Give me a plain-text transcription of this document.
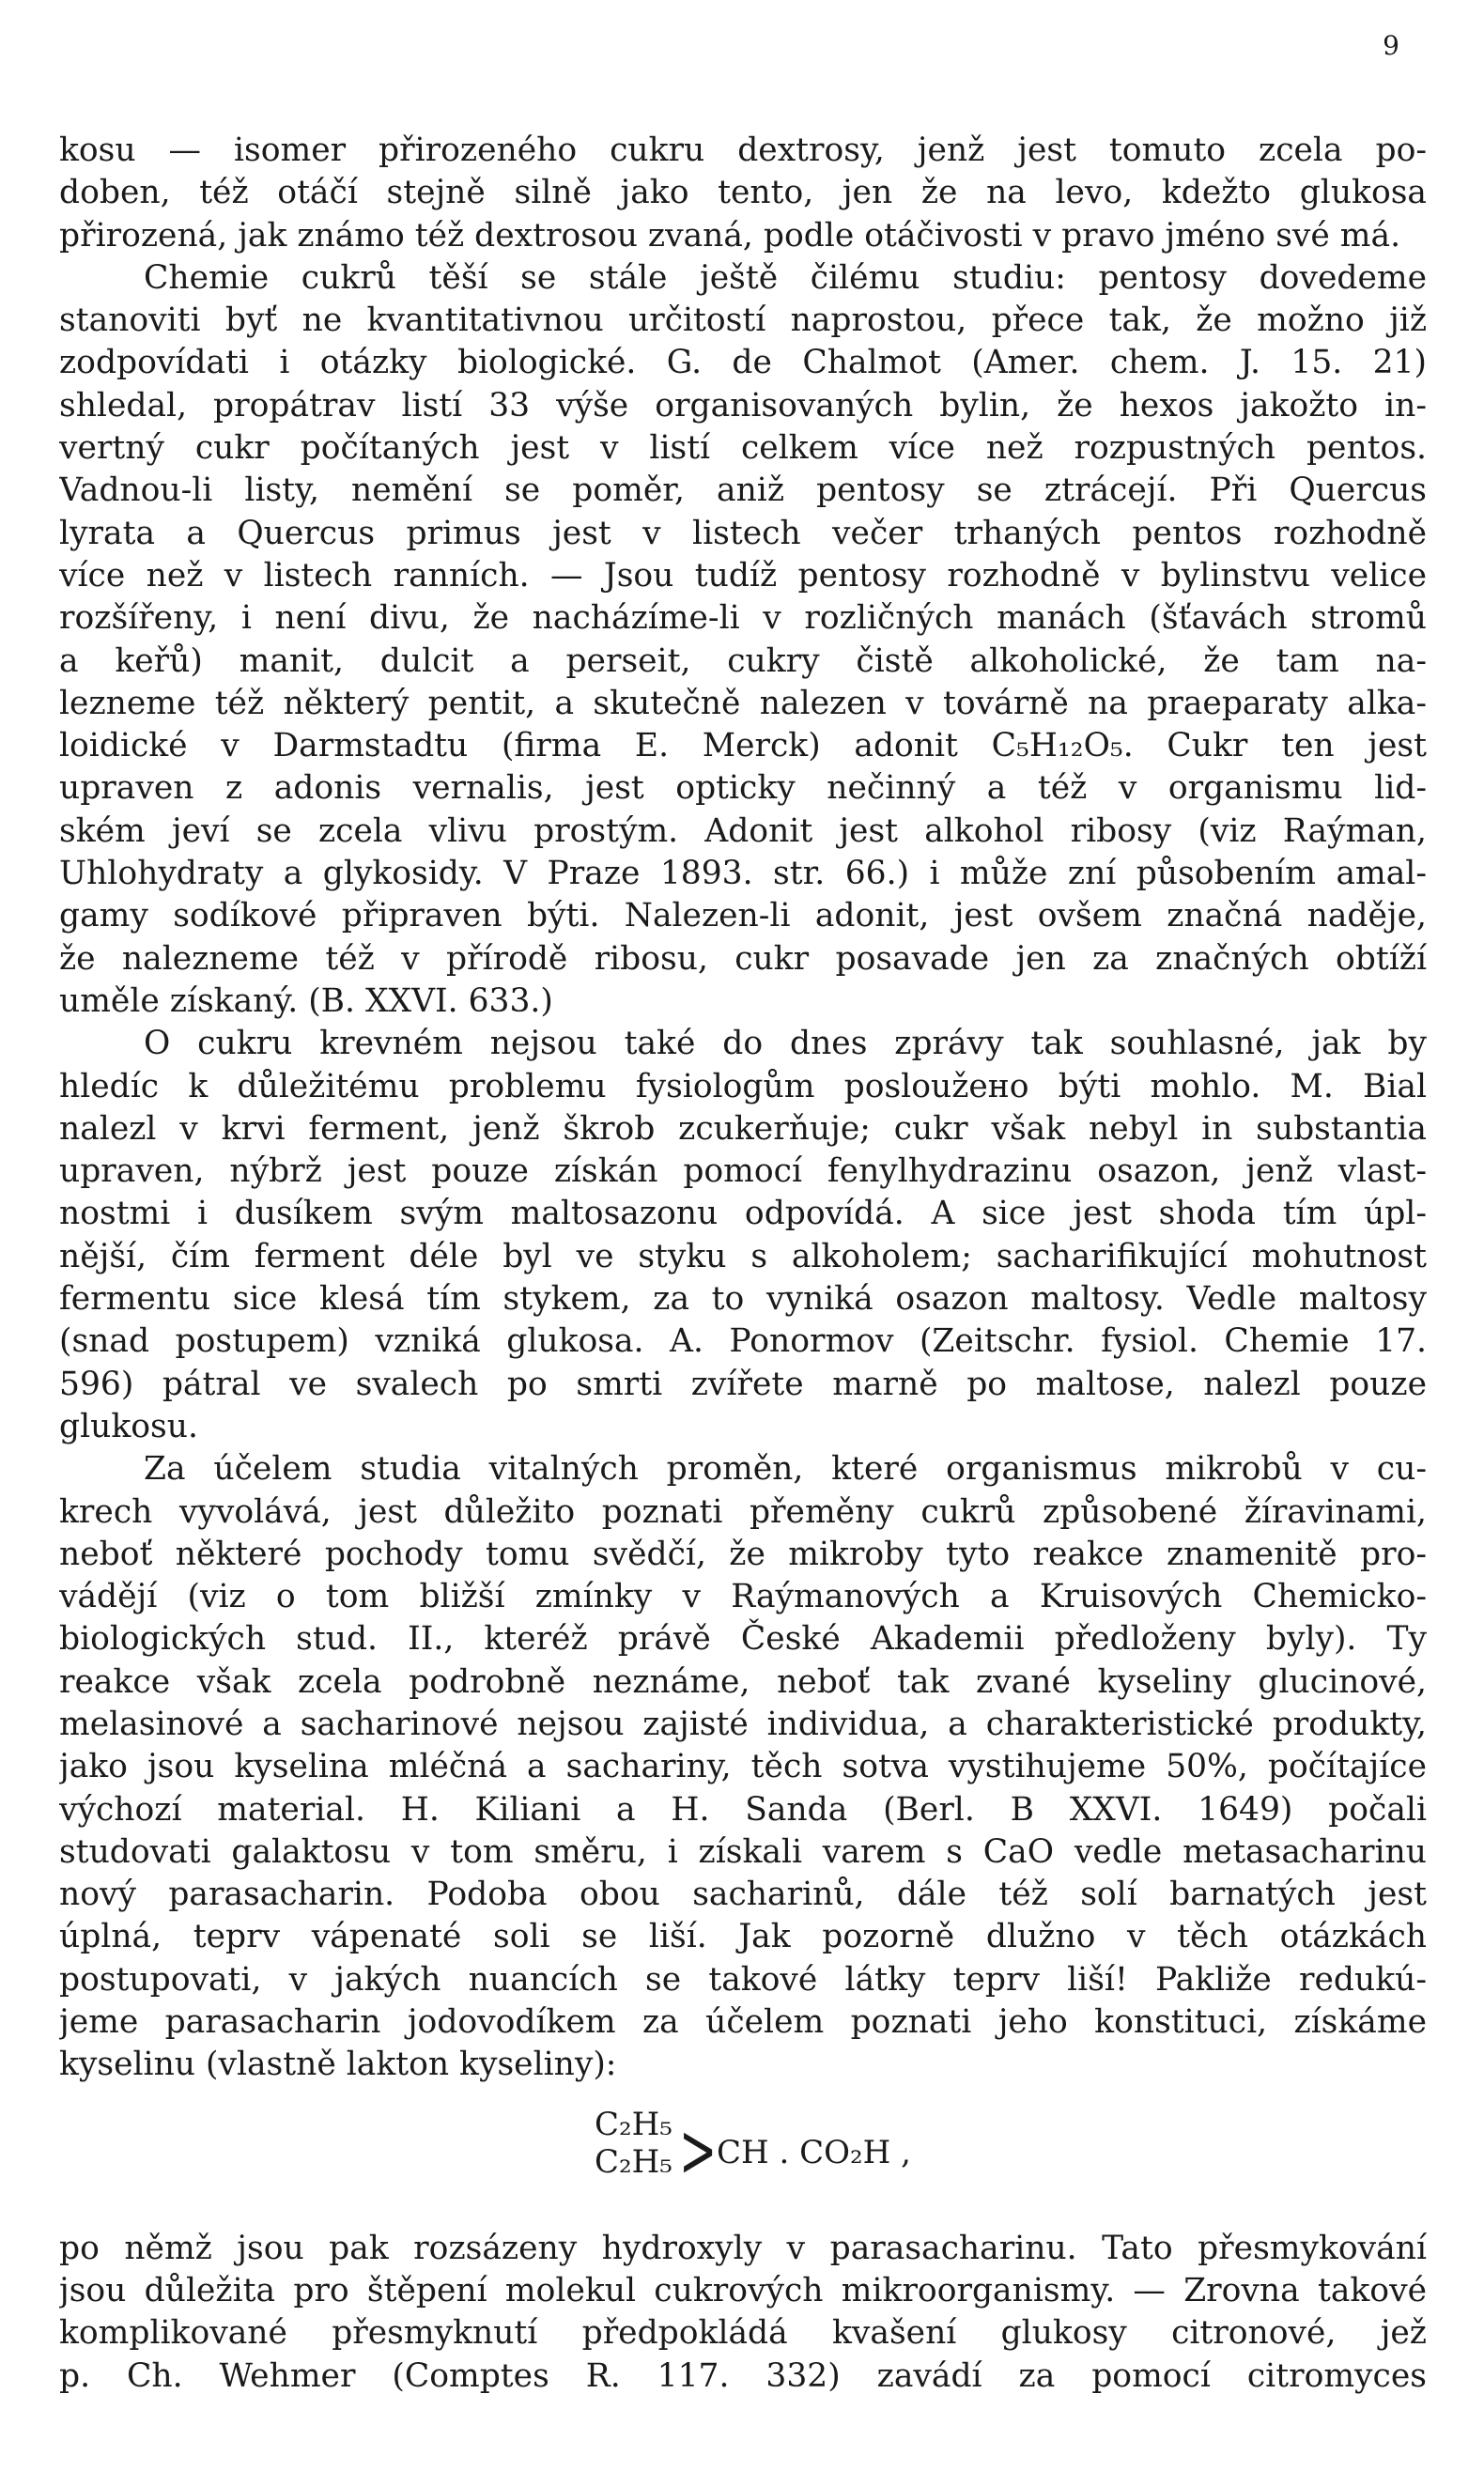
9
kosu — isomer přirozeného cukru dextrosy, jenž jest tomuto zcela po-
doben, též otáčí stejně silně jako tento, jen že na levo, kdežto glukosa
přirozená, jak známo též dextrosou zvaná, podle otáčivosti v pravo jméno své má.
Chemie cukrů těší se stále ještě čilému studiu: pentosy dovedeme
stanoviti byť ne kvantitativnou určitostí naprostou, přece tak, že možno již
zodpovídati i otázky biologické. G. de Chalmot (Amer. chem. J. 15. 21)
shledal, propátrav listí 33 výše organisovaných bylin, že hexos jakožto in-
vertný cukr počítaných jest v listí celkem více než rozpustných pentos.
Vadnou-li listy, nemění se poměr, aniž pentosy se ztrácejí. Při Quercus
lyrata a Quercus primus jest v listech večer trhaných pentos rozhodně
více než v listech ranních. — Jsou tudíž pentosy rozhodně v bylinstvu velice
rozšířeny, i není divu, že nacházíme-li v rozličných manách (šťavách stromů
a keřů) manit, dulcit a perseit, cukry čistě alkoholické, že tam na-
lezneme též některý pentit, a skutečně nalezen v továrně na praeparaty alka-
loidické v Darmstadtu (firma E. Merck) adonit C₅H₁₂O₅. Cukr ten jest
upraven z adonis vernalis, jest opticky nečinný a též v organismu lid-
ském jeví se zcela vlivu prostým. Adonit jest alkohol ribosy (viz Raýman,
Uhlohydraty a glykosidy. V Praze 1893. str. 66.) i může zní působením amal-
gamy sodíkové připraven býti. Nalezen-li adonit, jest ovšem značná naděje,
že nalezneme též v přírodě ribosu, cukr posavade jen za značných obtíží
uměle získaný. (B. XXVI. 633.)
O cukru krevném nejsou také do dnes zprávy tak souhlasné, jak by
hledíc k důležitému problemu fysiologům posloužено býti mohlo. M. Bial
nalezl v krvi ferment, jenž škrob zcukerňuje; cukr však nebyl in substantia
upraven, nýbrž jest pouze získán pomocí fenylhydrazinu osazon, jenž vlast-
nostmi i dusíkem svým maltosazonu odpovídá. A sice jest shoda tím úpl-
nější, čím ferment déle byl ve styku s alkoholem; sacharifikující mohutnost
fermentu sice klesá tím stykem, za to vyniká osazon maltosy. Vedle maltosy
(snad postupem) vzniká glukosa. A. Ponormov (Zeitschr. fysiol. Chemie 17.
596) pátral ve svalech po smrti zvířete marně po maltose, nalezl pouze
glukosu.
Za účelem studia vitalných proměn, které organismus mikrobů v cu-
krech vyvolává, jest důležito poznati přeměny cukrů způsobené žíravinami,
neboť některé pochody tomu svědčí, že mikroby tyto reakce znamenitě pro-
vádějí (viz o tom bližší zmínky v Raýmanových a Kruisových Chemicko-
biologických stud. II., kteréž právě České Akademii předloženy byly). Ty
reakce však zcela podrobně neznáme, neboť tak zvané kyseliny glucinové,
melasinové a sacharinové nejsou zajisté individua, a charakteristické produkty,
jako jsou kyselina mléčná a sachariny, těch sotva vystihujeme 50%, počítajíce
výchozí material. H. Kiliani a H. Sanda (Berl. B XXVI. 1649) počali
studovati galaktosu v tom směru, i získali varem s CaO vedle metasacharinu
nový parasacharin. Podoba obou sacharinů, dále též solí barnatých jest
úplná, teprv vápenaté soli se liší. Jak pozorně dlužno v těch otázkách
postupovati, v jakých nuancích se takové látky teprv liší! Pakliže redukú-
jeme parasacharin jodovodíkem za účelem poznati jeho konstituci, získáme
kyselinu (vlastně lakton kyseliny):
C₂H₅
C₂H₅ > CH . CO₂H ,
po němž jsou pak rozsázeny hydroxyly v parasacharinu. Tato přesmykování
jsou důležita pro štěpení molekul cukrových mikroorganismy. — Zrovna takové
komplikované přesmyknutí předpokládá kvašení glukosy citronové, jež
p. Ch. Wehmer (Comptes R. 117. 332) zavádí za pomocí citromyces
